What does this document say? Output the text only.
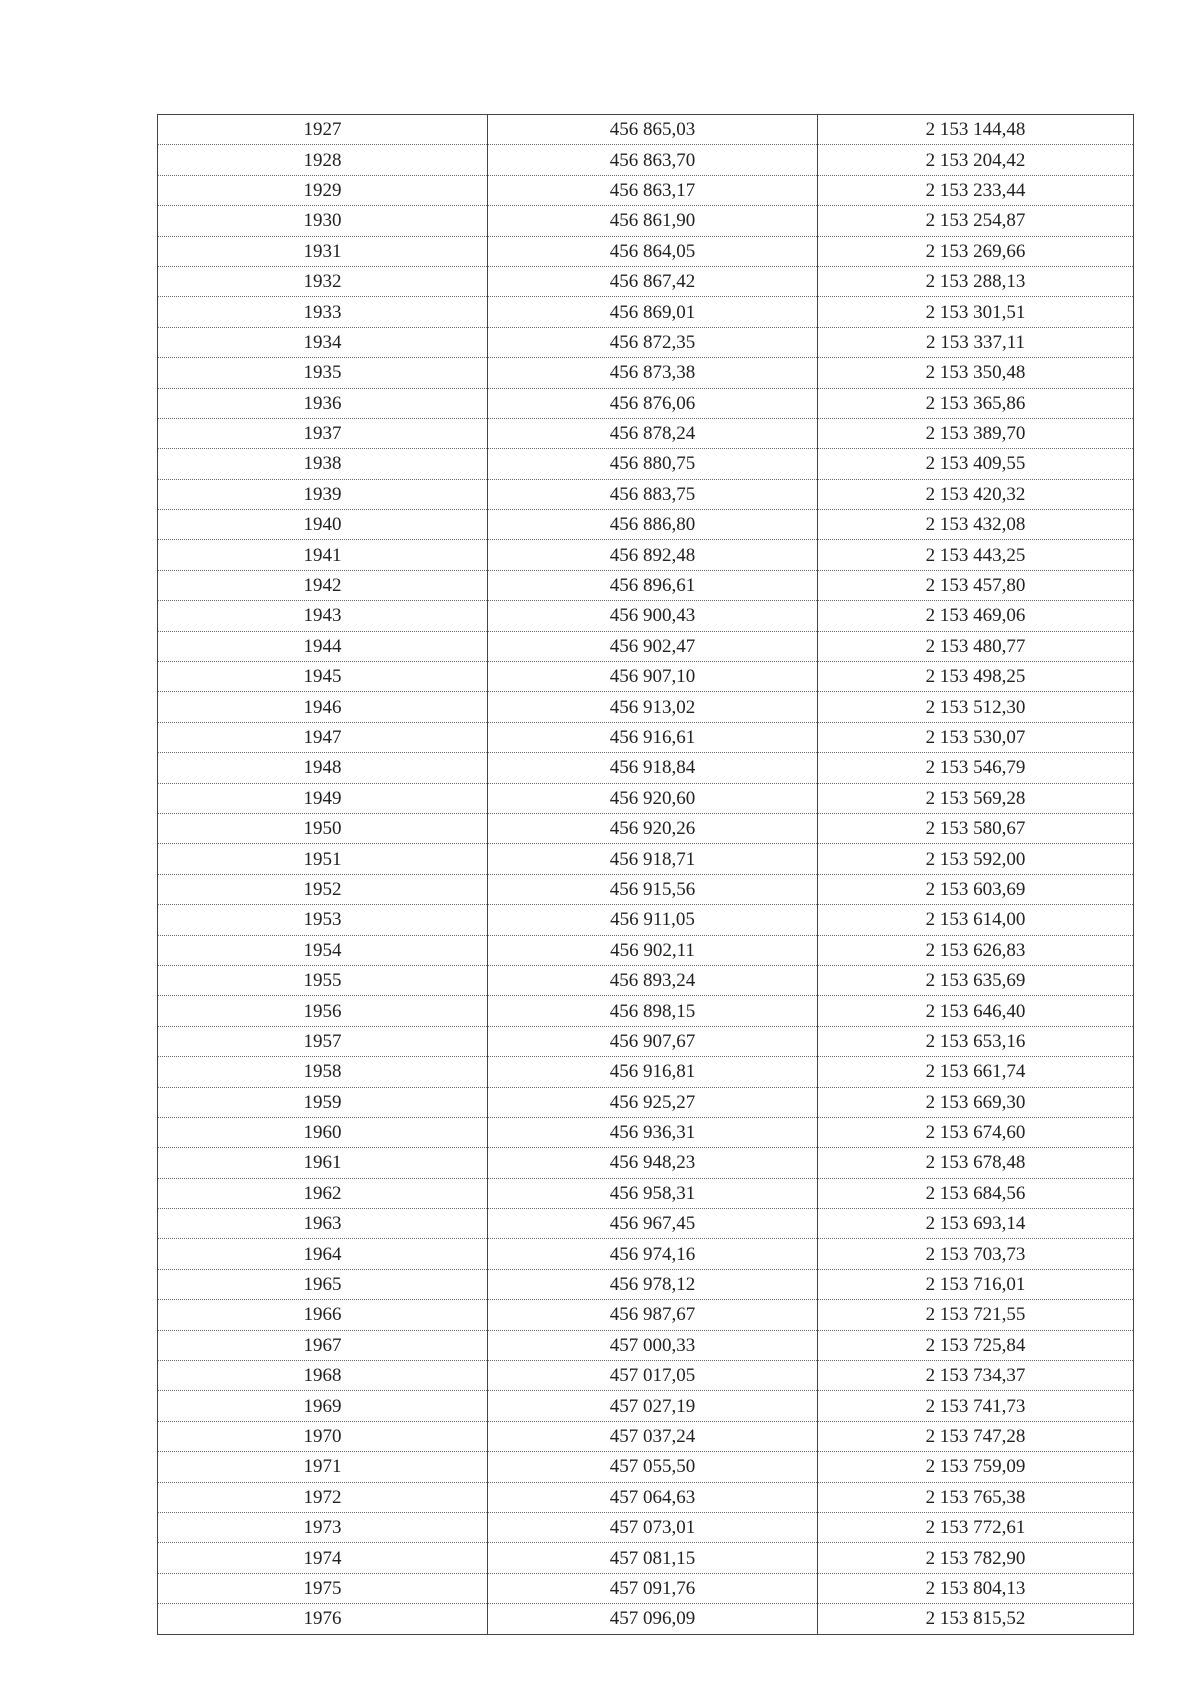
1927	456 865,03	2 153 144,48
1928	456 863,70	2 153 204,42
1929	456 863,17	2 153 233,44
1930	456 861,90	2 153 254,87
1931	456 864,05	2 153 269,66
1932	456 867,42	2 153 288,13
1933	456 869,01	2 153 301,51
1934	456 872,35	2 153 337,11
1935	456 873,38	2 153 350,48
1936	456 876,06	2 153 365,86
1937	456 878,24	2 153 389,70
1938	456 880,75	2 153 409,55
1939	456 883,75	2 153 420,32
1940	456 886,80	2 153 432,08
1941	456 892,48	2 153 443,25
1942	456 896,61	2 153 457,80
1943	456 900,43	2 153 469,06
1944	456 902,47	2 153 480,77
1945	456 907,10	2 153 498,25
1946	456 913,02	2 153 512,30
1947	456 916,61	2 153 530,07
1948	456 918,84	2 153 546,79
1949	456 920,60	2 153 569,28
1950	456 920,26	2 153 580,67
1951	456 918,71	2 153 592,00
1952	456 915,56	2 153 603,69
1953	456 911,05	2 153 614,00
1954	456 902,11	2 153 626,83
1955	456 893,24	2 153 635,69
1956	456 898,15	2 153 646,40
1957	456 907,67	2 153 653,16
1958	456 916,81	2 153 661,74
1959	456 925,27	2 153 669,30
1960	456 936,31	2 153 674,60
1961	456 948,23	2 153 678,48
1962	456 958,31	2 153 684,56
1963	456 967,45	2 153 693,14
1964	456 974,16	2 153 703,73
1965	456 978,12	2 153 716,01
1966	456 987,67	2 153 721,55
1967	457 000,33	2 153 725,84
1968	457 017,05	2 153 734,37
1969	457 027,19	2 153 741,73
1970	457 037,24	2 153 747,28
1971	457 055,50	2 153 759,09
1972	457 064,63	2 153 765,38
1973	457 073,01	2 153 772,61
1974	457 081,15	2 153 782,90
1975	457 091,76	2 153 804,13
1976	457 096,09	2 153 815,52
